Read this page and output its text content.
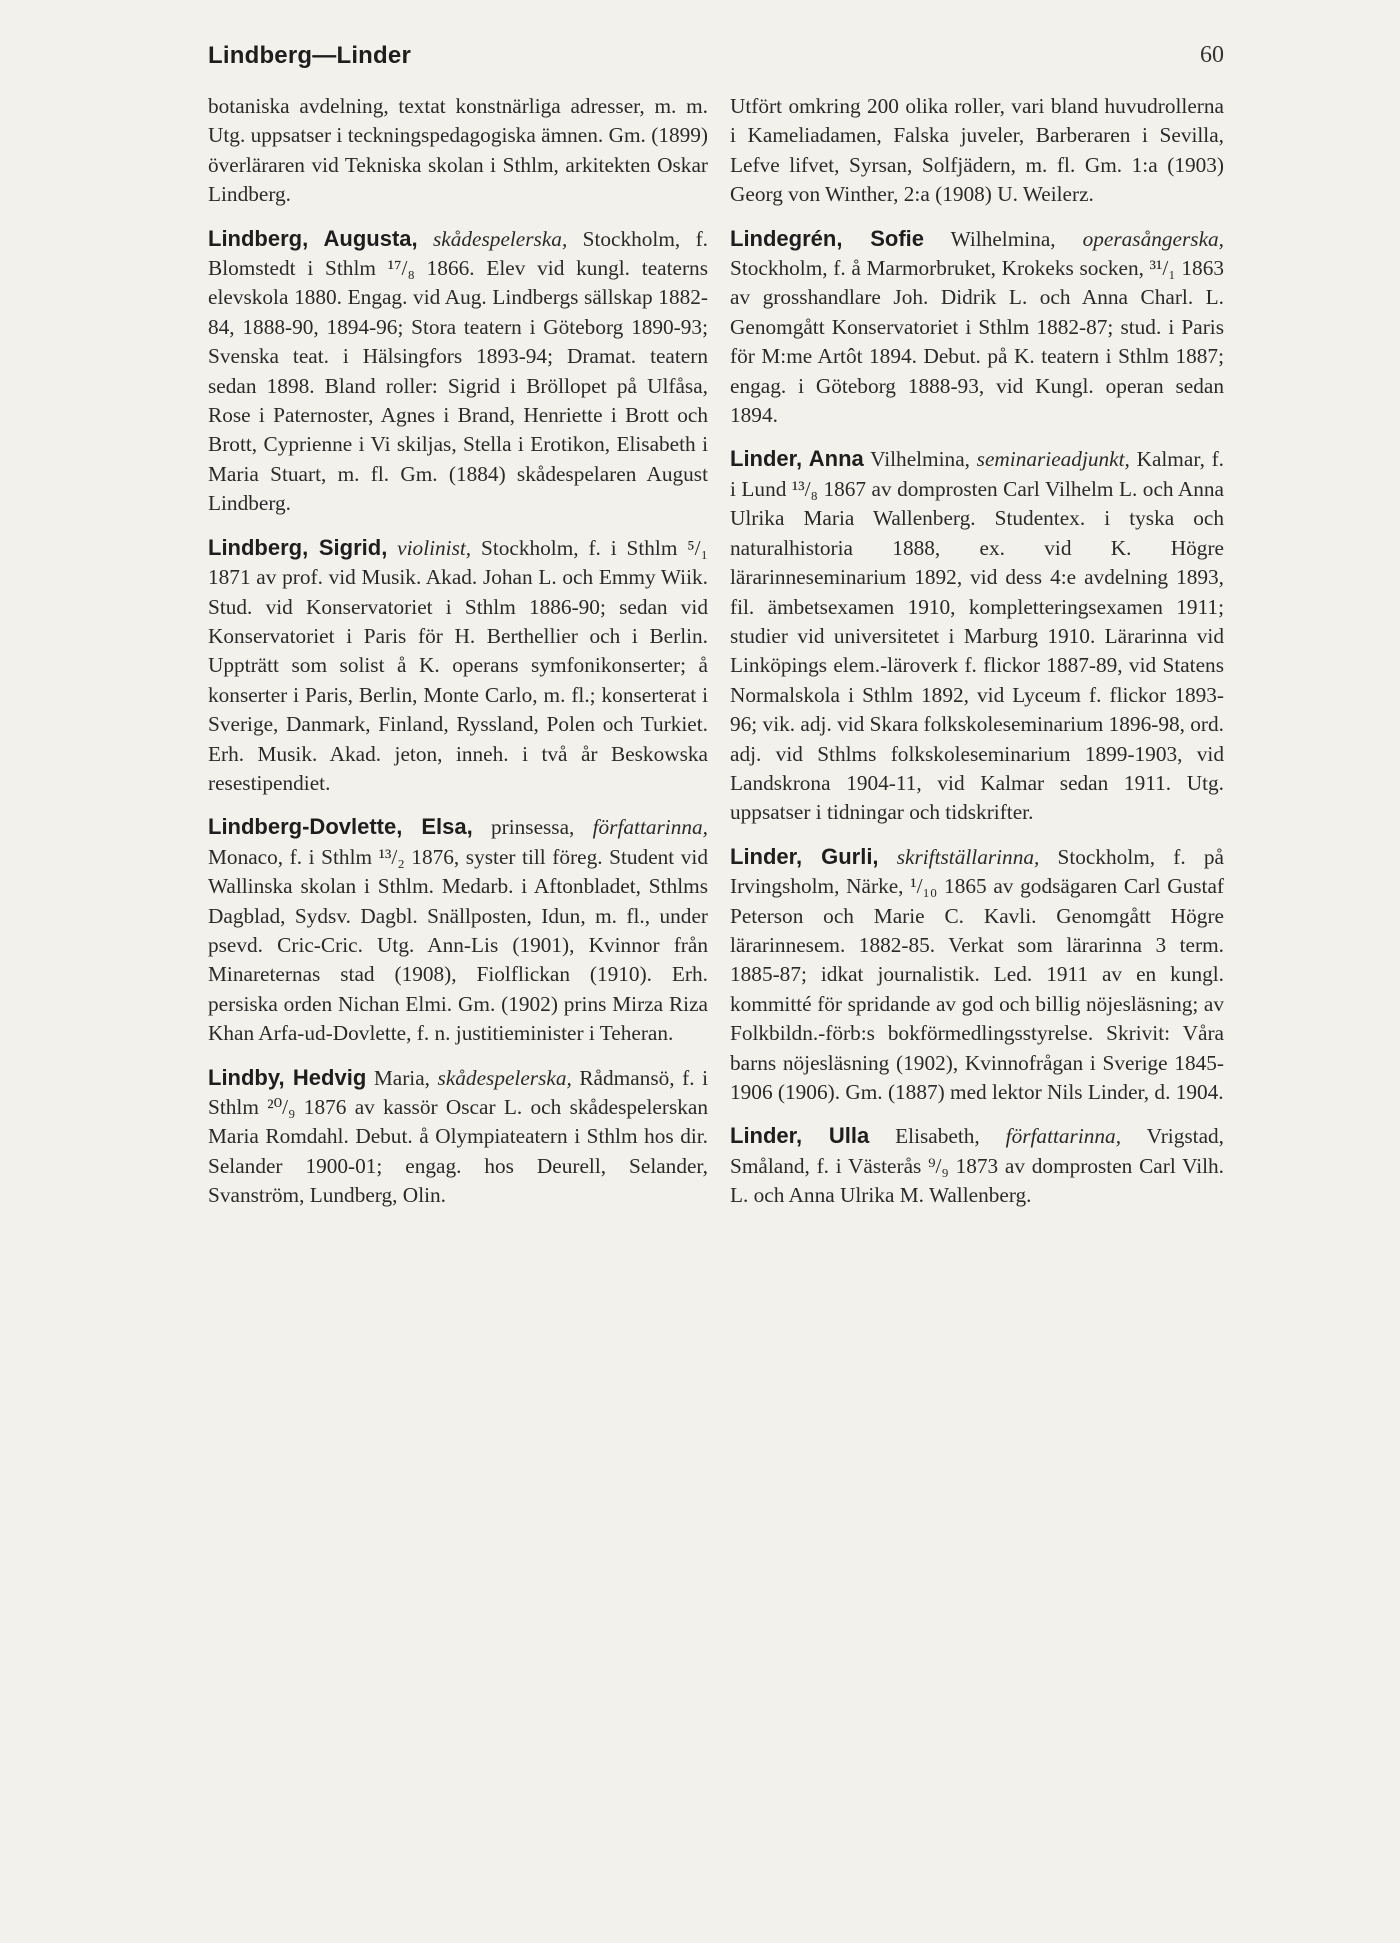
Lindberg—Linder	60

botaniska avdelning, textat konstnärliga adresser, m. m. Utg. uppsatser i teckningspedagogiska ämnen. Gm. (1899) överläraren vid Tekniska skolan i Sthlm, arkitekten Oskar Lindberg.

Lindberg, Augusta, skådespelerska, Stockholm, f. Blomstedt i Sthlm ¹⁷/₈ 1866. Elev vid kungl. teaterns elevskola 1880. Engag. vid Aug. Lindbergs sällskap 1882-84, 1888-90, 1894-96; Stora teatern i Göteborg 1890-93; Svenska teat. i Hälsingfors 1893-94; Dramat. teatern sedan 1898. Bland roller: Sigrid i Bröllopet på Ulfåsa, Rose i Paternoster, Agnes i Brand, Henriette i Brott och Brott, Cyprienne i Vi skiljas, Stella i Erotikon, Elisabeth i Maria Stuart, m. fl. Gm. (1884) skådespelaren August Lindberg.

Lindberg, Sigrid, violinist, Stockholm, f. i Sthlm ⁵/₁ 1871 av prof. vid Musik. Akad. Johan L. och Emmy Wiik. Stud. vid Konservatoriet i Sthlm 1886-90; sedan vid Konservatoriet i Paris för H. Berthellier och i Berlin. Uppträtt som solist å K. operans symfonikonserter; å konserter i Paris, Berlin, Monte Carlo, m. fl.; konserterat i Sverige, Danmark, Finland, Ryssland, Polen och Turkiet. Erh. Musik. Akad. jeton, inneh. i två år Beskowska resestipendiet.

Lindberg-Dovlette, Elsa, prinsessa, författarinna, Monaco, f. i Sthlm ¹³/₂ 1876, syster till föreg. Student vid Wallinska skolan i Sthlm. Medarb. i Aftonbladet, Sthlms Dagblad, Sydsv. Dagbl. Snällposten, Idun, m. fl., under psevd. Cric-Cric. Utg. Ann-Lis (1901), Kvinnor från Minareternas stad (1908), Fiolflickan (1910). Erh. persiska orden Nichan Elmi. Gm. (1902) prins Mirza Riza Khan Arfa-ud-Dovlette, f. n. justitieminister i Teheran.

Lindby, Hedvig Maria, skådespelerska, Rådmansö, f. i Sthlm ²⁰/₉ 1876 av kassör Oscar L. och skådespelerskan Maria Romdahl. Debut. å Olympiateatern i Sthlm hos dir. Selander 1900-01; engag. hos Deurell, Selander, Svanström, Lundberg, Olin.

Utfört omkring 200 olika roller, vari bland huvudrollerna i Kameliadamen, Falska juveler, Barberaren i Sevilla, Lefve lifvet, Syrsan, Solfjädern, m. fl. Gm. 1:a (1903) Georg von Winther, 2:a (1908) U. Weilerz.

Lindegrén, Sofie Wilhelmina, operasångerska, Stockholm, f. å Marmorbruket, Krokeks socken, ³¹/₁ 1863 av grosshandlare Joh. Didrik L. och Anna Charl. L. Genomgått Konservatoriet i Sthlm 1882-87; stud. i Paris för M:me Artôt 1894. Debut. på K. teatern i Sthlm 1887; engag. i Göteborg 1888-93, vid Kungl. operan sedan 1894.

Linder, Anna Vilhelmina, seminarieadjunkt, Kalmar, f. i Lund ¹³/₈ 1867 av domprosten Carl Vilhelm L. och Anna Ulrika Maria Wallenberg. Studentex. i tyska och naturalhistoria 1888, ex. vid K. Högre lärarinneseminarium 1892, vid dess 4:e avdelning 1893, fil. ämbetsexamen 1910, kompletteringsexamen 1911; studier vid universitetet i Marburg 1910. Lärarinna vid Linköpings elem.-läroverk f. flickor 1887-89, vid Statens Normalskola i Sthlm 1892, vid Lyceum f. flickor 1893-96; vik. adj. vid Skara folkskoleseminarium 1896-98, ord. adj. vid Sthlms folkskoleseminarium 1899-1903, vid Landskrona 1904-11, vid Kalmar sedan 1911. Utg. uppsatser i tidningar och tidskrifter.

Linder, Gurli, skriftställarinna, Stockholm, f. på Irvingsholm, Närke, ¹/₁₀ 1865 av godsägaren Carl Gustaf Peterson och Marie C. Kavli. Genomgått Högre lärarinnesem. 1882-85. Verkat som lärarinna 3 term. 1885-87; idkat journalistik. Led. 1911 av en kungl. kommitté för spridande av god och billig nöjesläsning; av Folkbildn.-förb:s bokförmedlingsstyrelse. Skrivit: Våra barns nöjesläsning (1902), Kvinnofrågan i Sverige 1845-1906 (1906). Gm. (1887) med lektor Nils Linder, d. 1904.

Linder, Ulla Elisabeth, författarinna, Vrigstad, Småland, f. i Västerås ⁹/₉ 1873 av domprosten Carl Vilh. L. och Anna Ulrika M. Wallenberg.
